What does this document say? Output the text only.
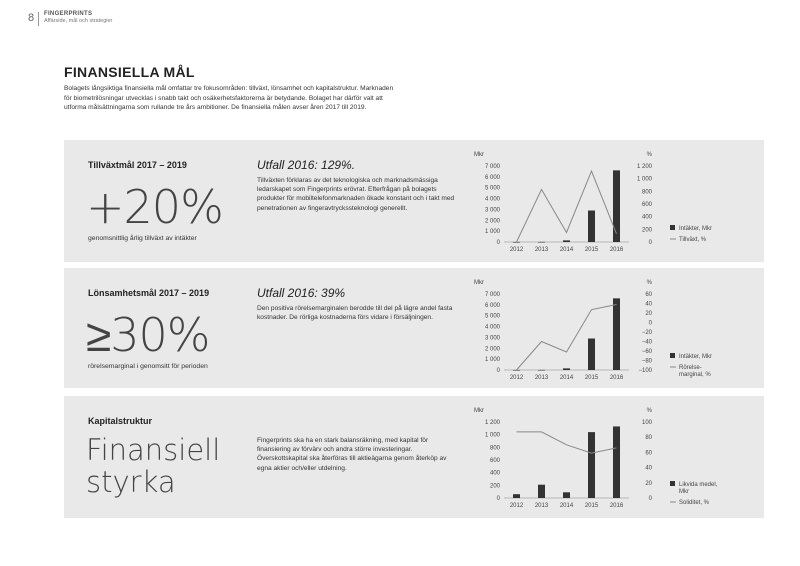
8 FINGERPRINTS
Affärside, mål och strategier
FINANSIELLA MÅL
Bolagets långsiktiga finansiella mål omfattar tre fokusområden: tillväxt, lönsamhet och kapitalstruktur. Marknaden för biometrilösningar utvecklas i snabb takt och osäkerhetsfaktorerna är betydande. Bolaget har därför valt att utforma målsättningarna som rullande tre års ambitioner. De finansiella målen avser åren 2017 till 2019.
Tillväxtmål 2017 – 2019
+20%
genomsnittlig årlig tillväxt av intäkter
Utfall 2016: 129%.
Tillväxten förklaras av det teknologiska och marknadsmässiga ledarskapet som Fingerprints erövrat. Efterfrågan på bolagets produkter för mobiltelefonmarknaden ökade konstant och i takt med penetrationen av fingeravtryckssteknologi generellt.
Mkr	%
7 000
6 000
5 000
4 000
3 000
2 000
1 000
0
1 200
1 000
800
600
400
200
0
2012 2013 2014 2015 2016
Intäkter, Mkr
Tillväxt, %
Lönsamhetsmål 2017 – 2019
≥30%
rörelsemarginal i genomsitt för perioden
Utfall 2016: 39%
Den positiva rörelsemarginalen berodde till del på lägre andel fasta kostnader. De rörliga kostnaderna förs vidare i försäljningen.
Mkr	%
7 000
6 000
5 000
4 000
3 000
2 000
1 000
0
60
40
20
0
−20
−40
−60
−80
−100
2012 2013 2014 2015 2016
Intäkter, Mkr
Rörelse-
marginal, %
Kapitalstruktur
Finansiell
styrka
Fingerprints ska ha en stark balansräkning, med kapital för finansiering av förvärv och andra större investeringar. Överskottskapital ska återföras till aktieägarna genom återköp av egna aktier och/eller utdelning.
Mkr	%
1 200
1 000
800
600
400
200
0
100
80
60
40
20
0
2012 2013 2014 2015 2016
Likvida medel,
Mkr
Soliditet, %
